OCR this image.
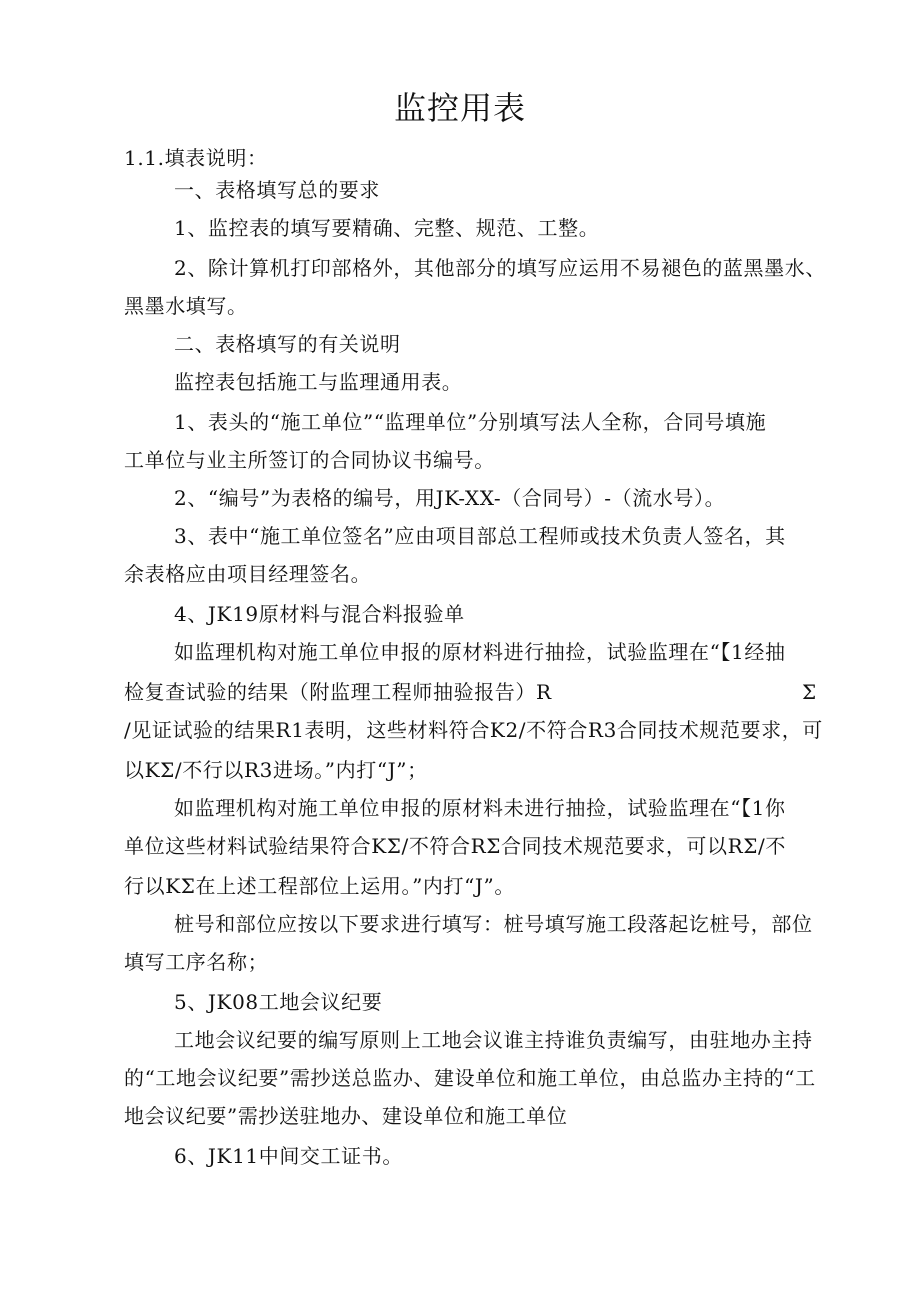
监控用表
1.1.填表说明：
一、表格填写总的要求
1、监控表的填写要精确、完整、规范、工整。
2、除计算机打印部格外，其他部分的填写应运用不易褪色的蓝黑墨水、
黑墨水填写。
二、表格填写的有关说明
监控表包括施工与监理通用表。
1、表头的“施工单位”“监理单位”分别填写法人全称，合同号填施
工单位与业主所签订的合同协议书编号。
2、“编号”为表格的编号，用JK-XX-（合同号）-（流水号）。
3、表中“施工单位签名”应由项目部总工程师或技术负责人签名，其
余表格应由项目经理签名。
4、JK19原材料与混合料报验单
如监理机构对施工单位申报的原材料进行抽捡，试验监理在“【1经抽
检复查试验的结果（附监理工程师抽验报告）R	Σ
/见证试验的结果R1表明，这些材料符合K2/不符合R3合同技术规范要求，可
以KΣ/不行以R3进场。”内打“J”；
如监理机构对施工单位申报的原材料未进行抽捡，试验监理在“【1你
单位这些材料试验结果符合KΣ/不符合RΣ合同技术规范要求，可以RΣ/不
行以KΣ在上述工程部位上运用。”内打“J”。
桩号和部位应按以下要求进行填写：桩号填写施工段落起讫桩号，部位
填写工序名称；
5、JK08工地会议纪要
工地会议纪要的编写原则上工地会议谁主持谁负责编写，由驻地办主持
的“工地会议纪要”需抄送总监办、建设单位和施工单位，由总监办主持的“工
地会议纪要”需抄送驻地办、建设单位和施工单位
6、JK11中间交工证书。
